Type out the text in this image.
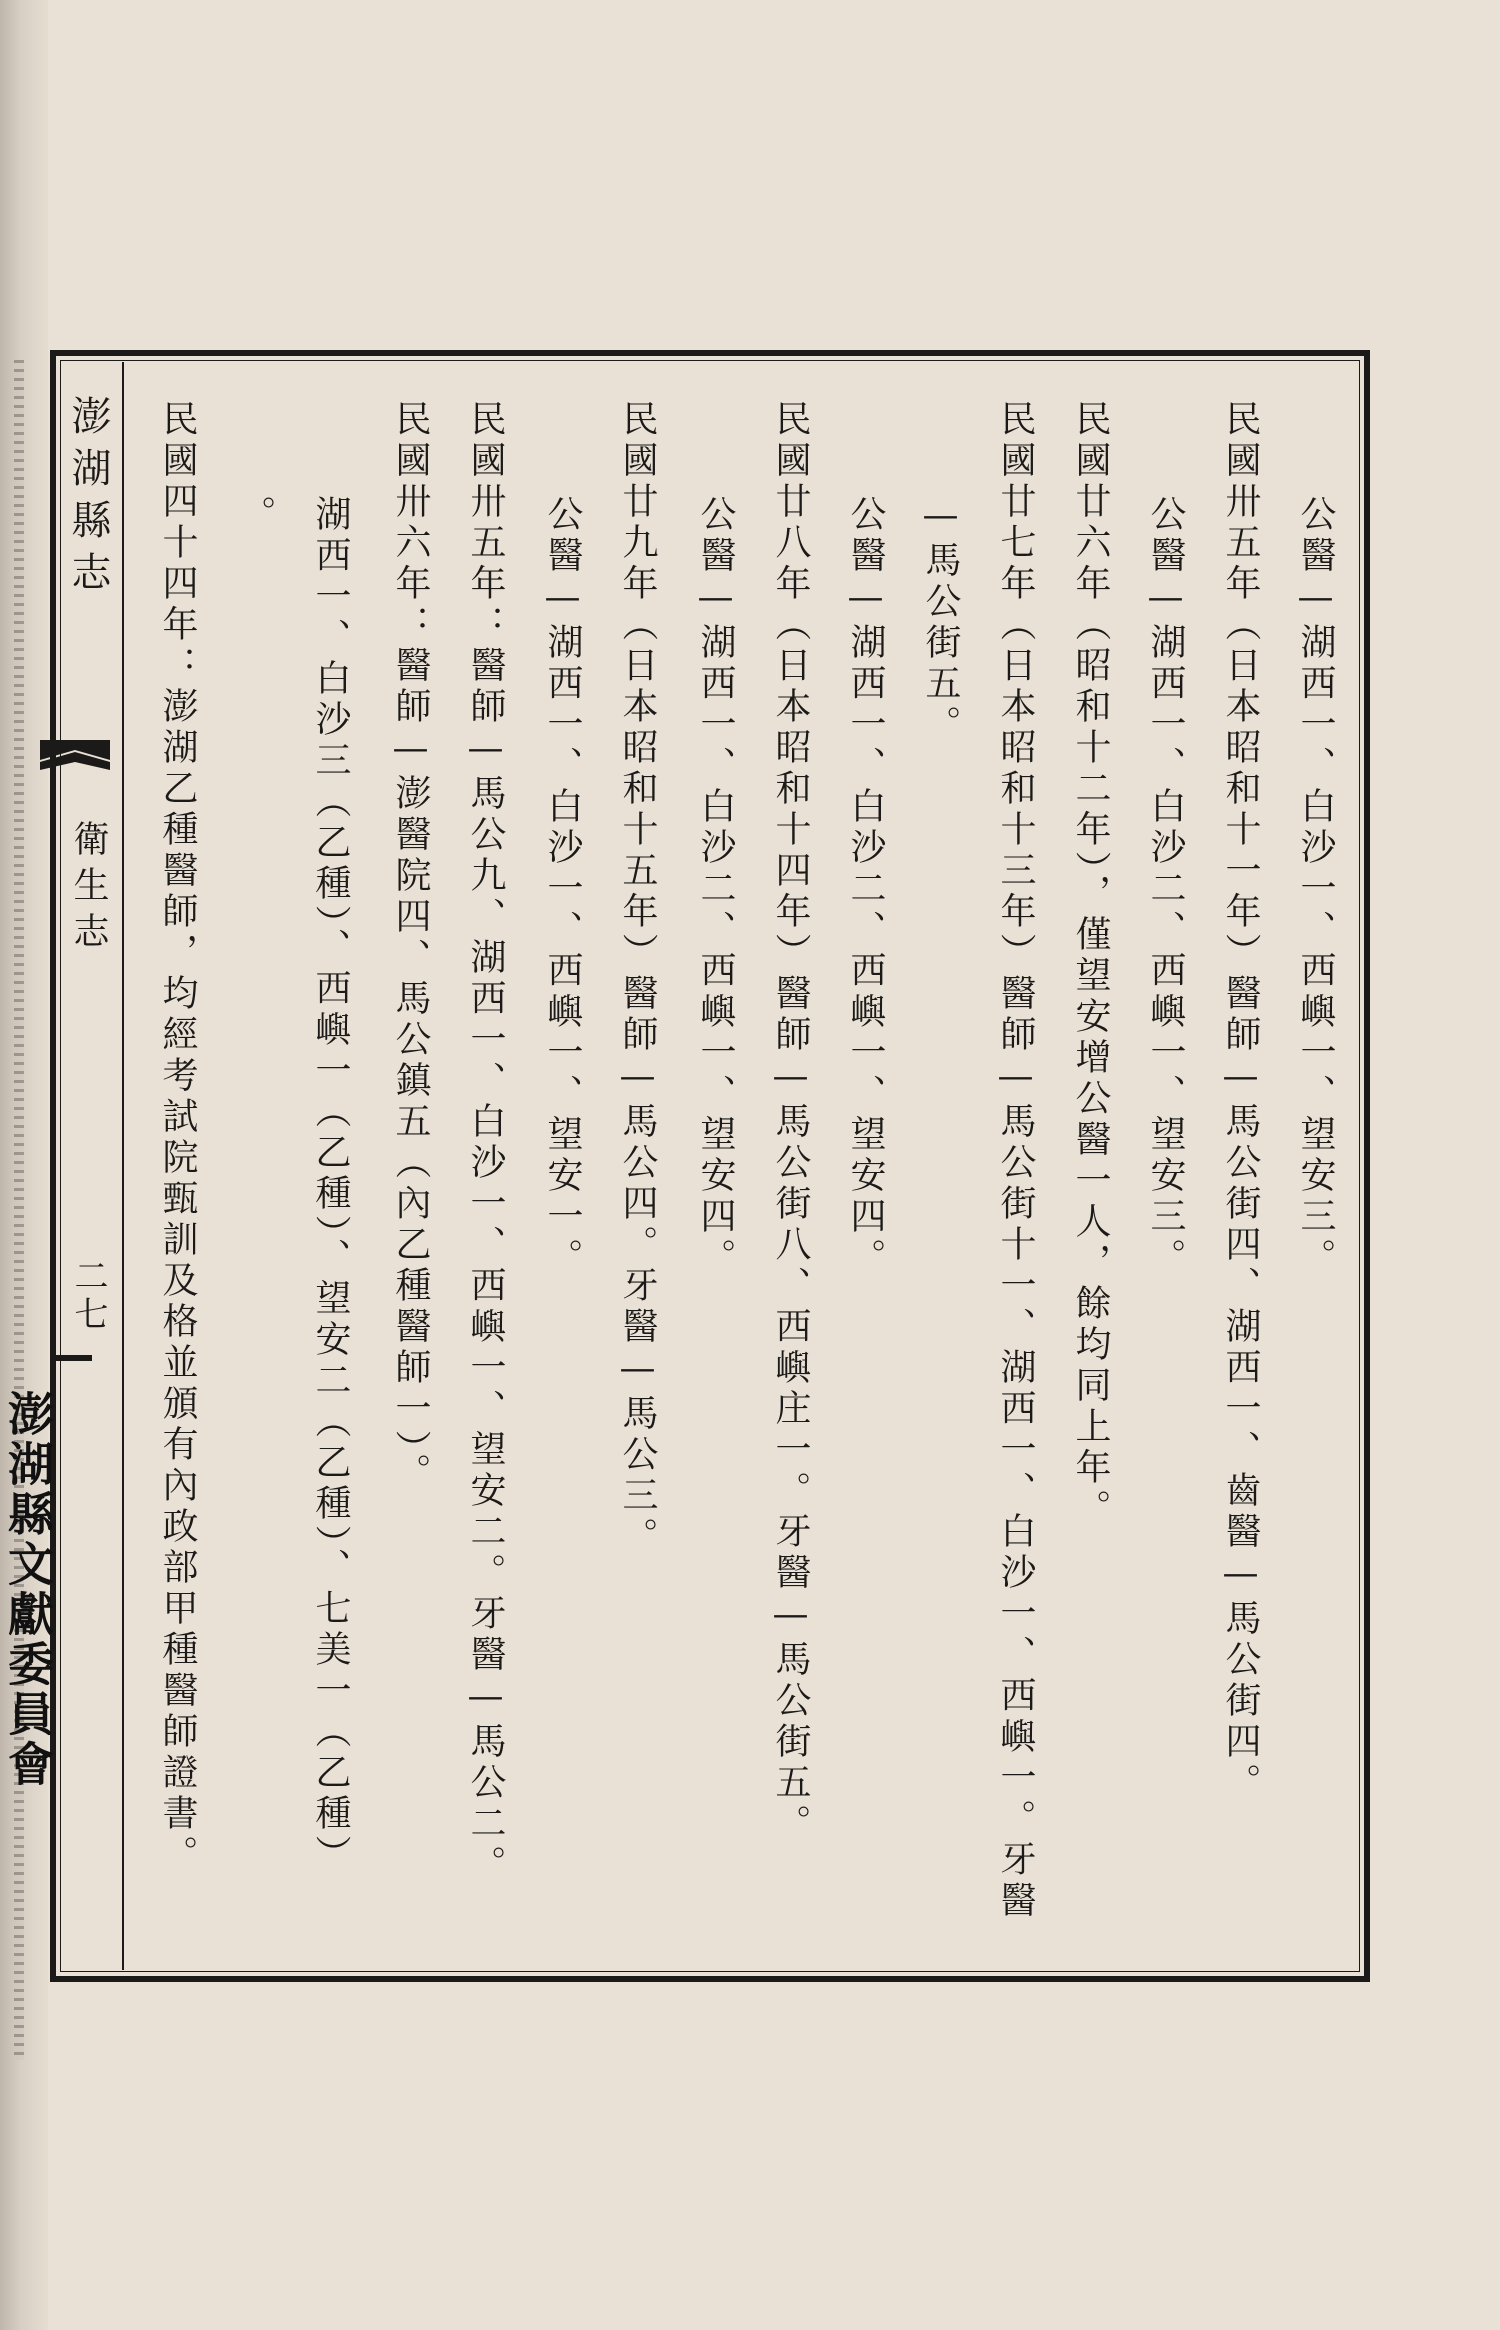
澎湖縣志
衛生志
二七
澎湖縣文獻委員會
公醫—湖西一、白沙一、西嶼一、望安三。
民國卅五年（日本昭和十一年）醫師—馬公街四、湖西一、齒醫—馬公街四。
公醫—湖西一、白沙二、西嶼一、望安三。
民國廿六年（昭和十二年），僅望安增公醫一人，餘均同上年。
民國廿七年（日本昭和十三年）醫師—馬公街十一、湖西一、白沙一、西嶼一。牙醫
—馬公街五。
公醫—湖西一、白沙二、西嶼一、望安四。
民國廿八年（日本昭和十四年）醫師—馬公街八、西嶼庄一。牙醫—馬公街五。
公醫—湖西一、白沙二、西嶼一、望安四。
民國廿九年（日本昭和十五年）醫師—馬公四。牙醫—馬公三。
公醫—湖西一、白沙一、西嶼一、望安一。
民國卅五年：醫師—馬公九、湖西一、白沙一、西嶼一、望安二。牙醫—馬公二。
民國卅六年：醫師—澎醫院四、馬公鎮五（內乙種醫師一）。
湖西一、白沙三（乙種）、西嶼一（乙種）、望安二（乙種）、七美一（乙種）
。
民國四十四年：澎湖乙種醫師，均經考試院甄訓及格並頒有內政部甲種醫師證書。
